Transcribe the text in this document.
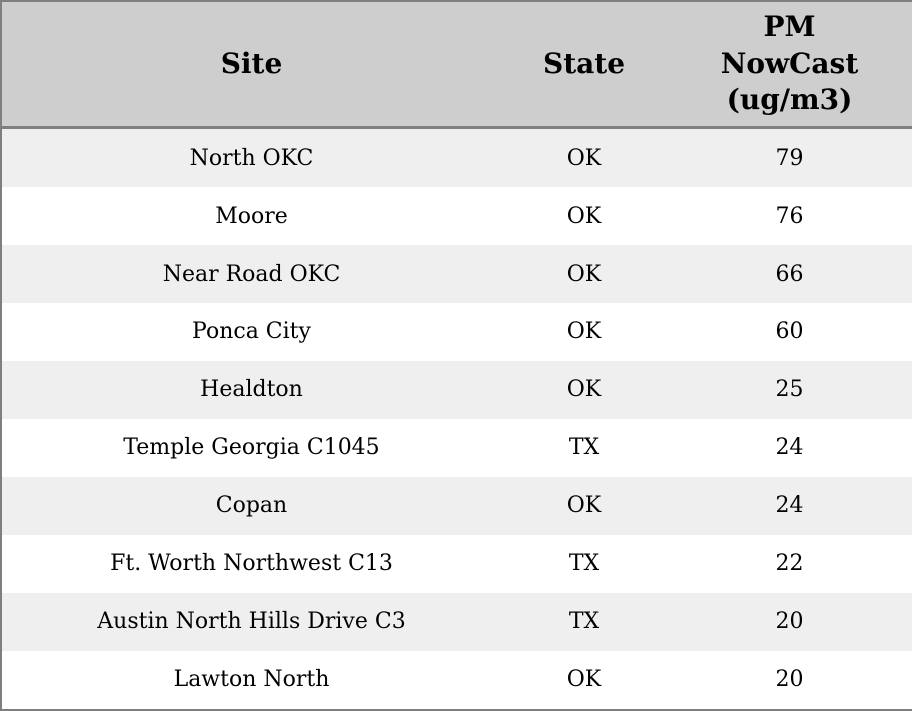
Site	State	PM NowCast (ug/m3)

North OKC	OK	79
Moore	OK	76
Near Road OKC	OK	66
Ponca City	OK	60
Healdton	OK	25
Temple Georgia C1045	TX	24
Copan	OK	24
Ft. Worth Northwest C13	TX	22
Austin North Hills Drive C3	TX	20
Lawton North	OK	20
